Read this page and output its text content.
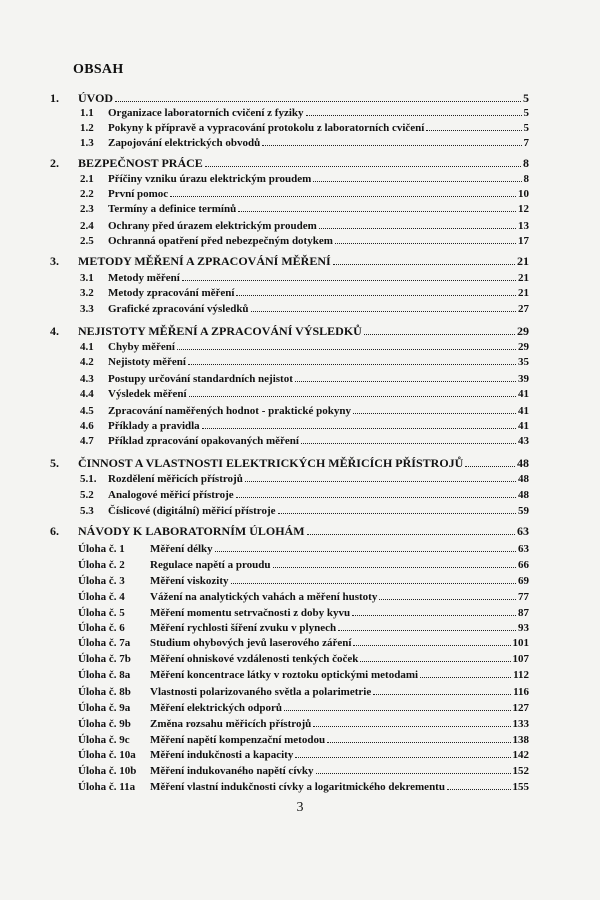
OBSAH
1. ÚVOD	5
1.1 Organizace laboratorních cvičení z fyziky	5
1.2 Pokyny k přípravě a vypracování protokolu z laboratorních cvičení	5
1.3 Zapojování elektrických obvodů	7
2. BEZPEČNOST PRÁCE	8
2.1 Příčiny vzniku úrazu elektrickým proudem	8
2.2 První pomoc	10
2.3 Termíny a definice termínů	12
2.4 Ochrany před úrazem elektrickým proudem	13
2.5 Ochranná opatření před nebezpečným dotykem	17
3. METODY MĚŘENÍ A ZPRACOVÁNÍ MĚŘENÍ	21
3.1 Metody měření	21
3.2 Metody zpracování měření	21
3.3 Grafické zpracování výsledků	27
4. NEJISTOTY MĚŘENÍ A ZPRACOVÁNÍ VÝSLEDKŮ	29
4.1 Chyby měření	29
4.2 Nejistoty měření	35
4.3 Postupy určování standardních nejistot	39
4.4 Výsledek měření	41
4.5 Zpracování naměřených hodnot - praktické pokyny	41
4.6 Příklady a pravidla	41
4.7 Příklad zpracování opakovaných měření	43
5. ČINNOST A VLASTNOSTI ELEKTRICKÝCH MĚŘICÍCH PŘÍSTROJŮ	48
5.1. Rozdělení měřicích přístrojů	48
5.2 Analogové měřicí přístroje	48
5.3 Číslicové (digitální) měřicí přístroje	59
6. NÁVODY K LABORATORNÍM ÚLOHÁM	63
Úloha č. 1 Měření délky	63
Úloha č. 2 Regulace napětí a proudu	66
Úloha č. 3 Měření viskozity	69
Úloha č. 4 Vážení na analytických vahách a měření hustoty	77
Úloha č. 5 Měření momentu setrvačnosti z doby kyvu	87
Úloha č. 6 Měření rychlosti šíření zvuku v plynech	93
Úloha č. 7a Studium ohybových jevů laserového záření	101
Úloha č. 7b Měření ohniskové vzdálenosti tenkých čoček	107
Úloha č. 8a Měření koncentrace látky v roztoku optickými metodami	112
Úloha č. 8b Vlastnosti polarizovaného světla a polarimetrie	116
Úloha č. 9a Měření elektrických odporů	127
Úloha č. 9b Změna rozsahu měřicích přístrojů	133
Úloha č. 9c Měření napětí kompenzační metodou	138
Úloha č. 10a Měření indukčnosti a kapacity	142
Úloha č. 10b Měření indukovaného napětí cívky	152
Úloha č. 11a Měření vlastní indukčnosti cívky a logaritmického dekrementu	155
3
